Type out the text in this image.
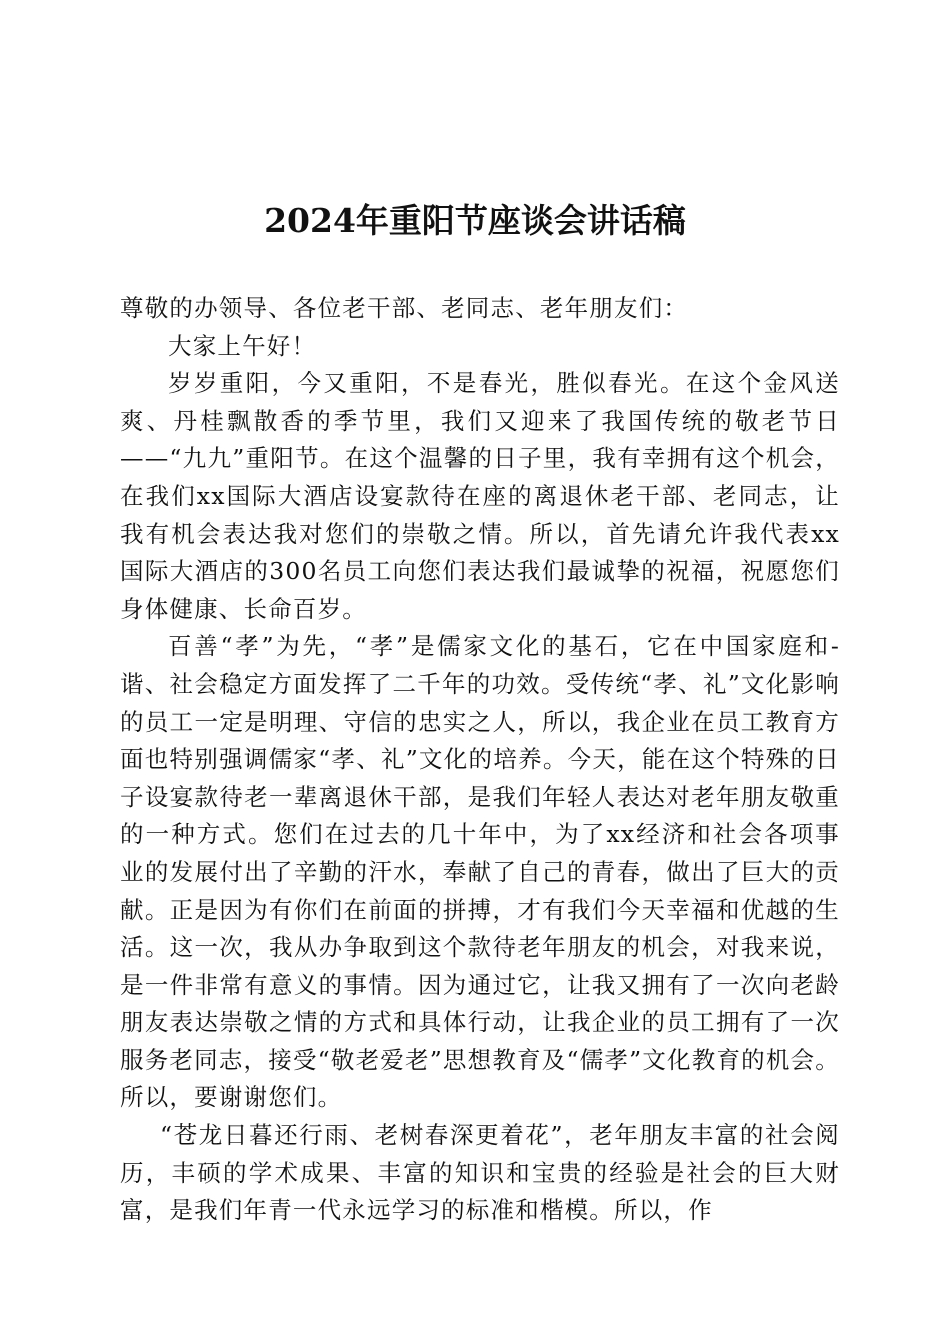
2024年重阳节座谈会讲话稿

尊敬的办领导、各位老干部、老同志、老年朋友们：

大家上午好！

岁岁重阳，今又重阳，不是春光，胜似春光。在这个金风送爽、丹桂飘散香的季节里，我们又迎来了我国传统的敬老节日——“九九”重阳节。在这个温馨的日子里，我有幸拥有这个机会，在我们xx国际大酒店设宴款待在座的离退休老干部、老同志，让我有机会表达我对您们的崇敬之情。所以，首先请允许我代表xx国际大酒店的300名员工向您们表达我们最诚挚的祝福，祝愿您们身体健康、长命百岁。

百善“孝”为先，“孝”是儒家文化的基石，它在中国家庭和-谐、社会稳定方面发挥了二千年的功效。受传统“孝、礼”文化影响的员工一定是明理、守信的忠实之人，所以，我企业在员工教育方面也特别强调儒家“孝、礼”文化的培养。今天，能在这个特殊的日子设宴款待老一辈离退休干部，是我们年轻人表达对老年朋友敬重的一种方式。您们在过去的几十年中，为了xx经济和社会各项事业的发展付出了辛勤的汗水，奉献了自己的青春，做出了巨大的贡献。正是因为有你们在前面的拼搏，才有我们今天幸福和优越的生活。这一次，我从办争取到这个款待老年朋友的机会，对我来说，是一件非常有意义的事情。因为通过它，让我又拥有了一次向老龄朋友表达崇敬之情的方式和具体行动，让我企业的员工拥有了一次服务老同志，接受“敬老爱老”思想教育及“儒孝”文化教育的机会。所以，要谢谢您们。

“苍龙日暮还行雨、老树春深更着花”，老年朋友丰富的社会阅历，丰硕的学术成果、丰富的知识和宝贵的经验是社会的巨大财富，是我们年青一代永远学习的标准和楷模。所以，作
